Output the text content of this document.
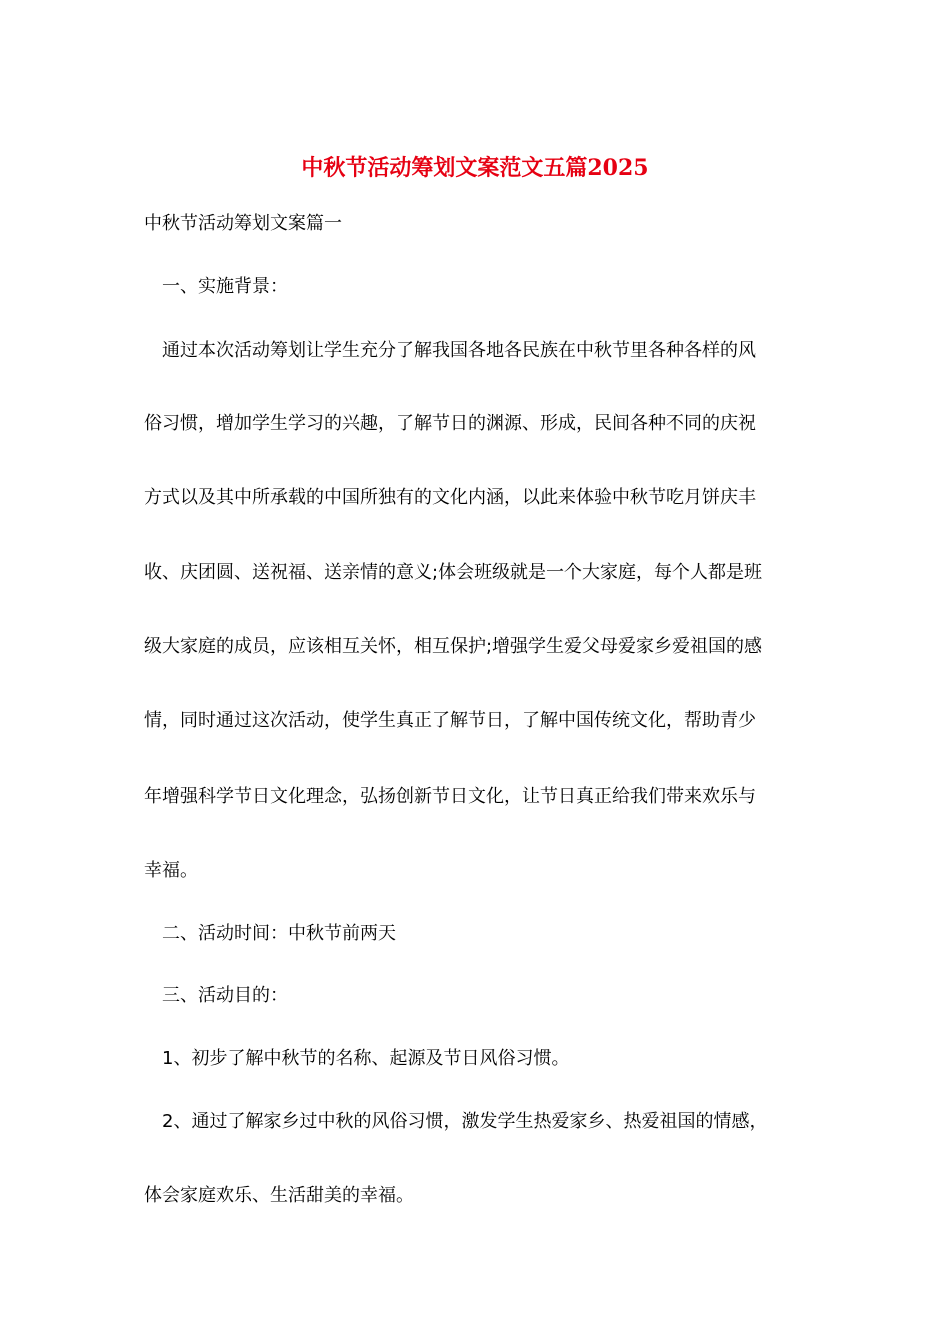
中秋节活动筹划文案范文五篇2025
中秋节活动筹划文案篇一
一、实施背景：
通过本次活动筹划让学生充分了解我国各地各民族在中秋节里各种各样的风
俗习惯，增加学生学习的兴趣，了解节日的渊源、形成，民间各种不同的庆祝
方式以及其中所承载的中国所独有的文化内涵，以此来体验中秋节吃月饼庆丰
收、庆团圆、送祝福、送亲情的意义;体会班级就是一个大家庭，每个人都是班
级大家庭的成员，应该相互关怀，相互保护;增强学生爱父母爱家乡爱祖国的感
情，同时通过这次活动，使学生真正了解节日，了解中国传统文化，帮助青少
年增强科学节日文化理念，弘扬创新节日文化，让节日真正给我们带来欢乐与
幸福。
二、活动时间：中秋节前两天
三、活动目的：
1、初步了解中秋节的名称、起源及节日风俗习惯。
2、通过了解家乡过中秋的风俗习惯，激发学生热爱家乡、热爱祖国的情感，
体会家庭欢乐、生活甜美的幸福。
